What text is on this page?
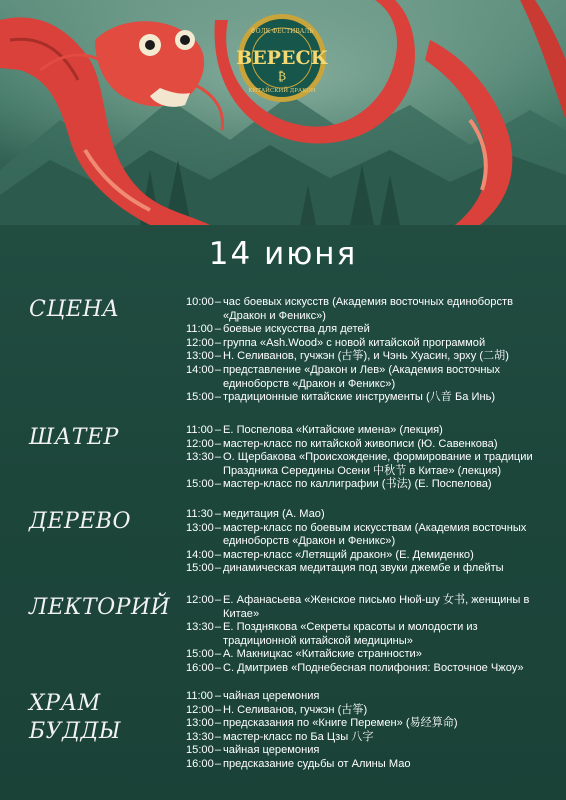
ФОЛК ФЕСТИВАЛЬ
ВЕРЕСК
₿
КИТАЙСКИЙ ДРАКОН
14 июня
СЦЕНА	10:00 – час боевых искусств (Академия восточных единоборств «Дракон и Феникс»)
11:00 – боевые искусства для детей
12:00 – группа «Ash.Wood» с новой китайской программой
13:00 – Н. Селиванов, гучжэн (古筝), и Чэнь Хуасин, эрху (二胡)
14:00 – представление «Дракон и Лев» (Академия восточных единоборств «Дракон и Феникс»)
15:00 – традиционные китайские инструменты (八音 Ба Инь)
ШАТЕР	11:00 – Е. Поспелова «Китайские имена» (лекция)
12:00 – мастер-класс по китайской живописи (Ю. Савенкова)
13:30 – О. Щербакова «Происхождение, формирование и традиции Праздника Середины Осени 中秋节 в Китае» (лекция)
15:00 – мастер-класс по каллиграфии (书法) (Е. Поспелова)
ДЕРЕВО	11:30 – медитация (А. Мао)
13:00 – мастер-класс по боевым искусствам (Академия восточных единоборств «Дракон и Феникс»)
14:00 – мастер-класс «Летящий дракон» (Е. Демиденко)
15:00 – динамическая медитация под звуки джембе и флейты
ЛЕКТОРИЙ 12:00 – Е. Афанасьева «Женское письмо Нюй-шу 女书, женщины в Китае»
13:30 – Е. Позднякова «Секреты красоты и молодости из традиционной китайской медицины»
15:00 – А. Макницкас «Китайские странности»
16:00 – С. Дмитриев «Поднебесная полифония: Восточное Чжоу»
ХРАМ
БУДДЫ
11:00 – чайная церемония
12:00 – Н. Селиванов, гучжэн (古筝)
13:00 – предсказания по «Книге Перемен» (易经算命)
13:30 – мастер-класс по Ба Цзы 八字
15:00 – чайная церемония
16:00 – предсказание судьбы от Алины Мао
